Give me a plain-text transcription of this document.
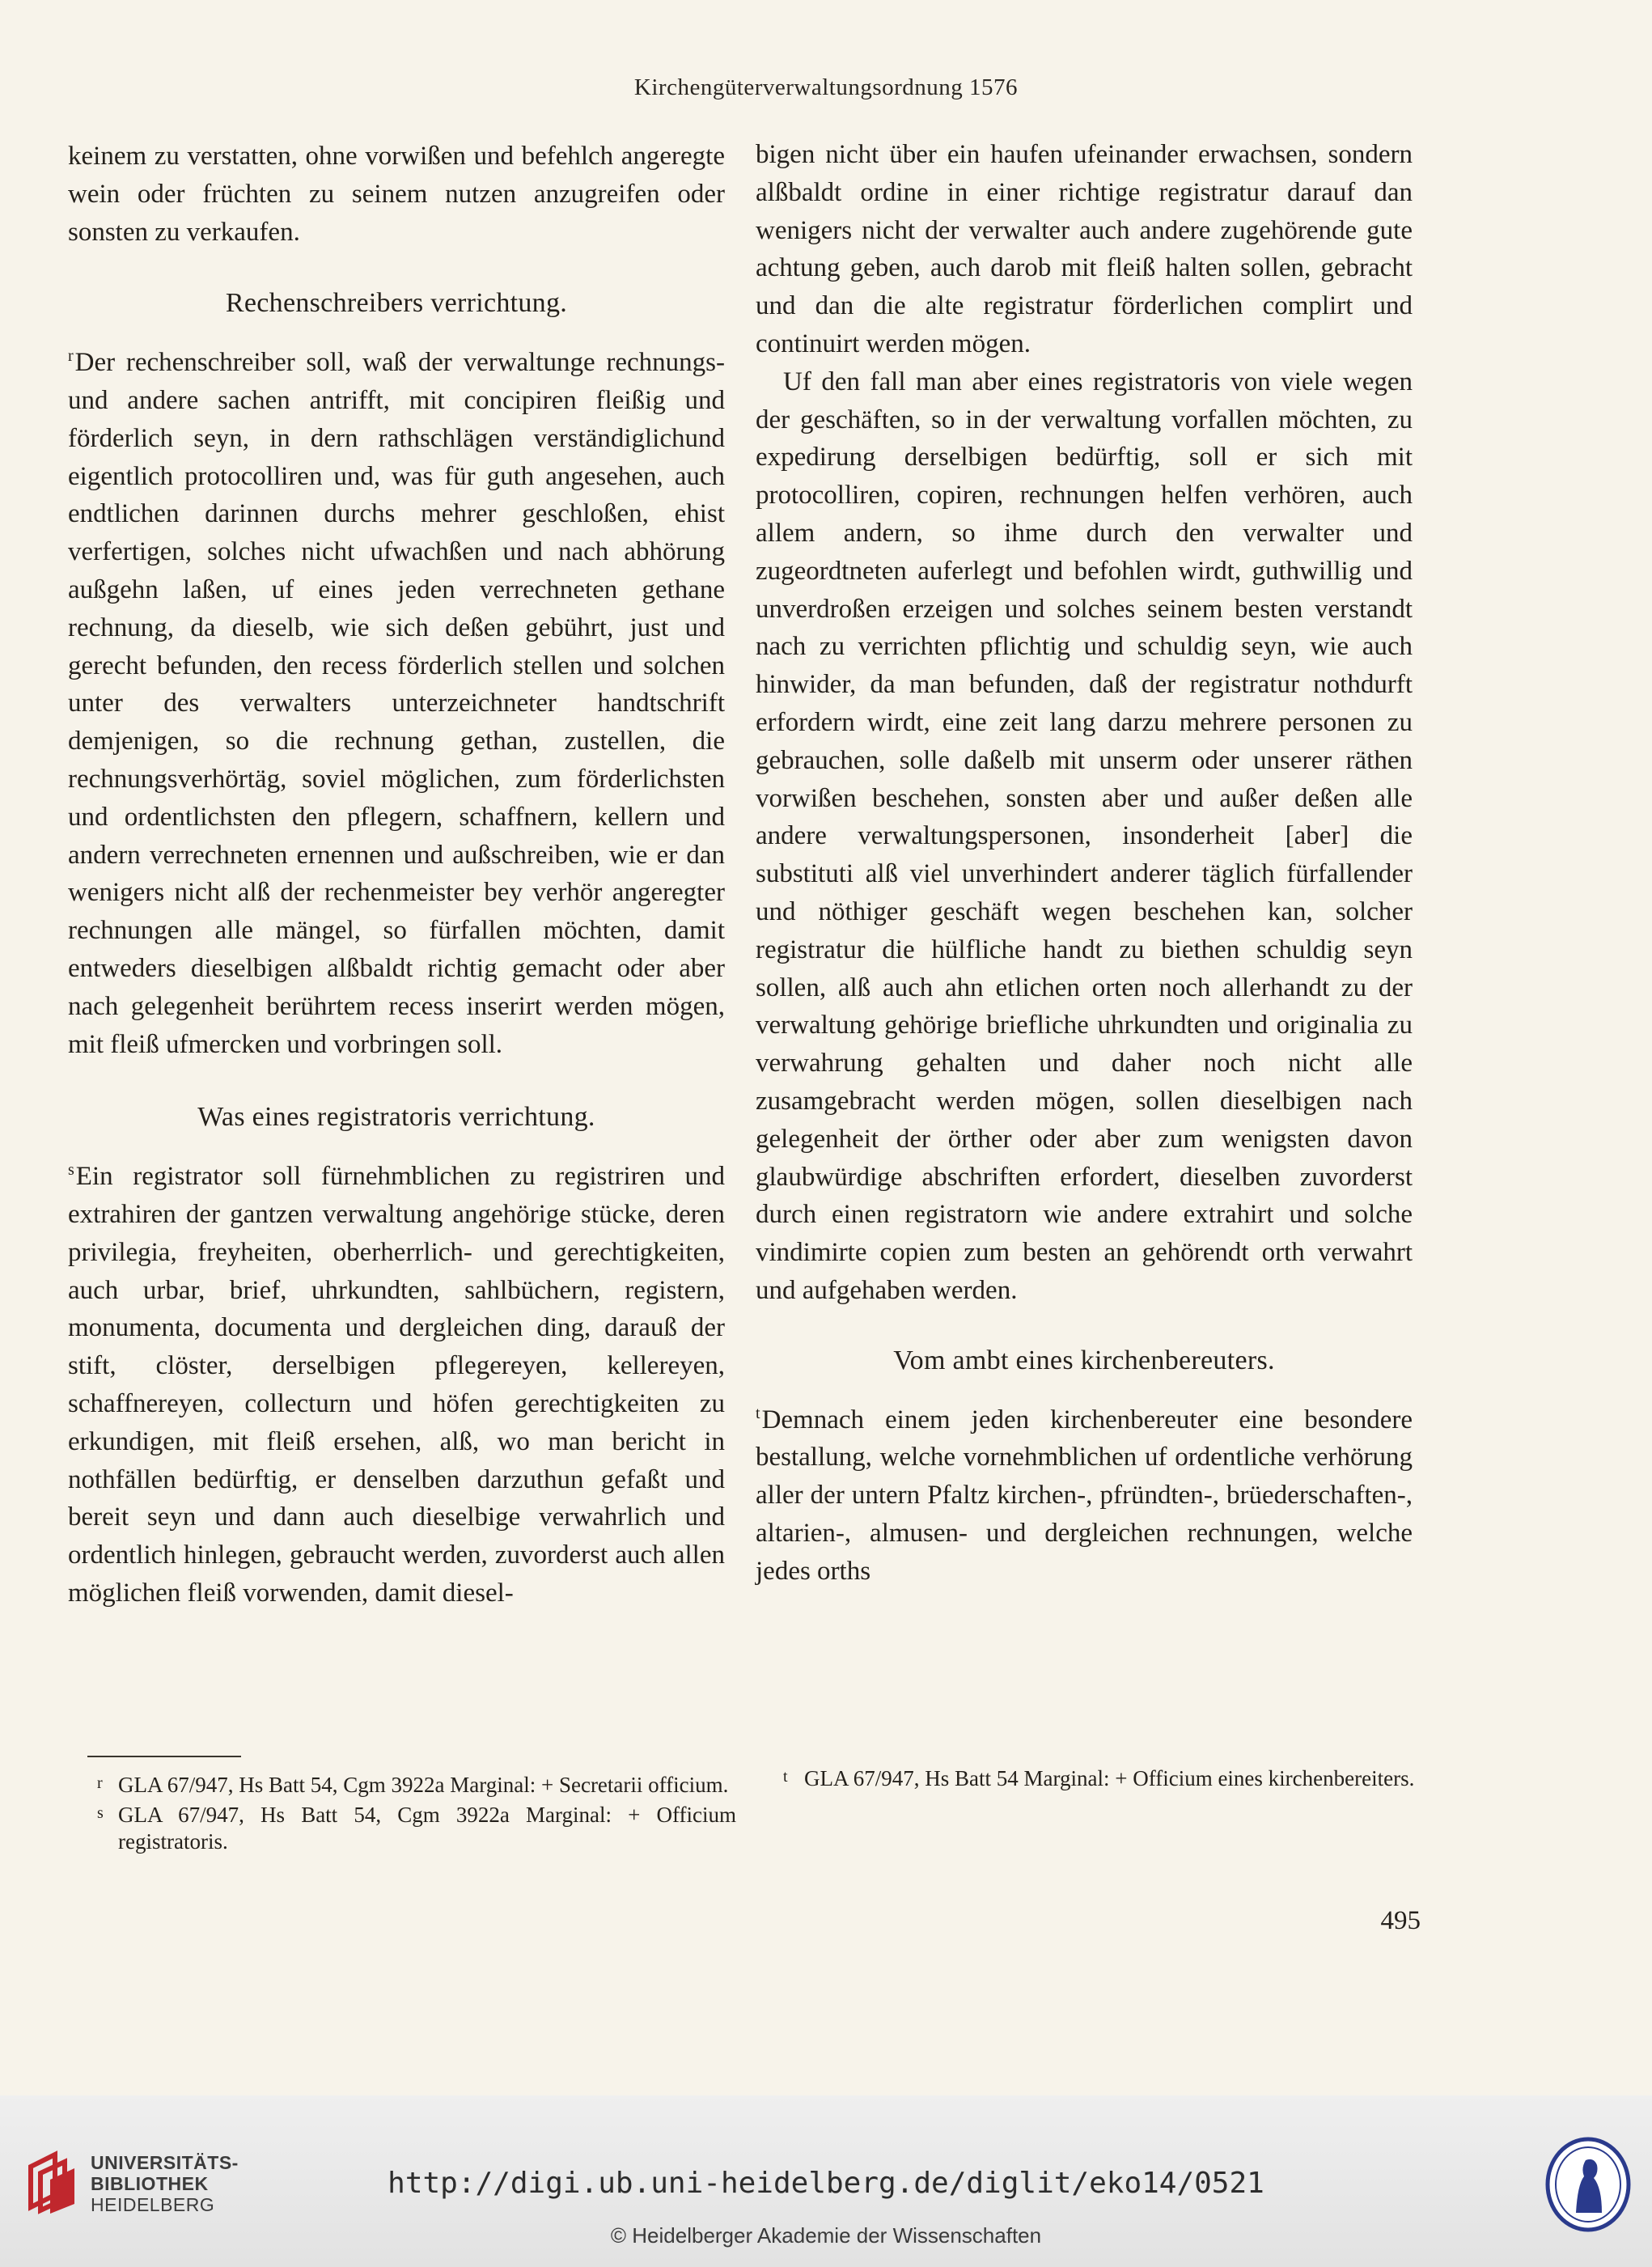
Kirchengüterverwaltungsordnung 1576

keinem zu verstatten, ohne vorwißen und befehlch angeregte wein oder früchten zu seinem nutzen anzugreifen oder sonsten zu verkaufen.

Rechenschreibers verrichtung.

$^r$Der rechenschreiber soll, waß der verwaltunge rechnungs- und andere sachen antrifft, mit concipiren fleißig und förderlich seyn, in dern rathschlägen verständiglichund eigentlich protocolliren und, was für guth angesehen, auch endtlichen darinnen durchs mehrer geschloßen, ehist verfertigen, solches nicht ufwachßen und nach abhörung außgehn laßen, uf eines jeden verrechneten gethane rechnung, da dieselb, wie sich deßen gebührt, just und gerecht befunden, den recess förderlich stellen und solchen unter des verwalters unterzeichneter handtschrift demjenigen, so die rechnung gethan, zustellen, die rechnungsverhörtäg, soviel möglichen, zum förderlichsten und ordentlichsten den pflegern, schaffnern, kellern und andern verrechneten ernennen und außschreiben, wie er dan wenigers nicht alß der rechenmeister bey verhör angeregter rechnungen alle mängel, so fürfallen möchten, damit entweders dieselbigen alßbaldt richtig gemacht oder aber nach gelegenheit berührtem recess inserirt werden mögen, mit fleiß ufmercken und vorbringen soll.

Was eines registratoris verrichtung.

$^s$Ein registrator soll fürnehmblichen zu registriren und extrahiren der gantzen verwaltung angehörige stücke, deren privilegia, freyheiten, oberherrlich- und gerechtigkeiten, auch urbar, brief, uhrkundten, sahlbüchern, registern, monumenta, documenta und dergleichen ding, darauß der stift, clöster, derselbigen pflegereyen, kellereyen, schaffnereyen, collecturn und höfen gerechtigkeiten zu erkundigen, mit fleiß ersehen, alß, wo man bericht in nothfällen bedürftig, er denselben darzuthun gefaßt und bereit seyn und dann auch dieselbige verwahrlich und ordentlich hinlegen, gebraucht werden, zuvorderst auch allen möglichen fleiß vorwenden, damit diesel-

bigen nicht über ein haufen ufeinander erwachsen, sondern alßbaldt ordine in einer richtige registratur darauf dan wenigers nicht der verwalter auch andere zugehörende gute achtung geben, auch darob mit fleiß halten sollen, gebracht und dan die alte registratur förderlichen complirt und continuirt werden mögen.

Uf den fall man aber eines registratoris von viele wegen der geschäften, so in der verwaltung vorfallen möchten, zu expedirung derselbigen bedürftig, soll er sich mit protocolliren, copiren, rechnungen helfen verhören, auch allem andern, so ihme durch den verwalter und zugeordtneten auferlegt und befohlen wirdt, guthwillig und unverdroßen erzeigen und solches seinem besten verstandt nach zu verrichten pflichtig und schuldig seyn, wie auch hinwider, da man befunden, daß der registratur nothdurft erfordern wirdt, eine zeit lang darzu mehrere personen zu gebrauchen, solle daßelb mit unserm oder unserer räthen vorwißen beschehen, sonsten aber und außer deßen alle andere verwaltungspersonen, insonderheit [aber] die substituti alß viel unverhindert anderer täglich fürfallender und nöthiger geschäft wegen beschehen kan, solcher registratur die hülfliche handt zu biethen schuldig seyn sollen, alß auch ahn etlichen orten noch allerhandt zu der verwaltung gehörige briefliche uhrkundten und originalia zu verwahrung gehalten und daher noch nicht alle zusamgebracht werden mögen, sollen dieselbigen nach gelegenheit der örther oder aber zum wenigsten davon glaubwürdige abschriften erfordert, dieselben zuvorderst durch einen registratorn wie andere extrahirt und solche vindimirte copien zum besten an gehörendt orth verwahrt und aufgehaben werden.

Vom ambt eines kirchenbereuters.

$^t$Demnach einem jeden kirchenbereuter eine besondere bestallung, welche vornehmblichen uf ordentliche verhörung aller der untern Pfaltz kirchen-, pfründten-, brüederschaften-, altarien-, almusen- und dergleichen rechnungen, welche jedes orths

r GLA 67/947, Hs Batt 54, Cgm 3922a Marginal: + Secretarii officium.
s GLA 67/947, Hs Batt 54, Cgm 3922a Marginal: + Officium registratoris.
t GLA 67/947, Hs Batt 54 Marginal: + Officium eines kirchenbereiters.
495
UNIVERSITÄTS-
BIBLIOTHEK
HEIDELBERG
http://digi.ub.uni-heidelberg.de/diglit/eko14/0521
© Heidelberger Akademie der Wissenschaften
